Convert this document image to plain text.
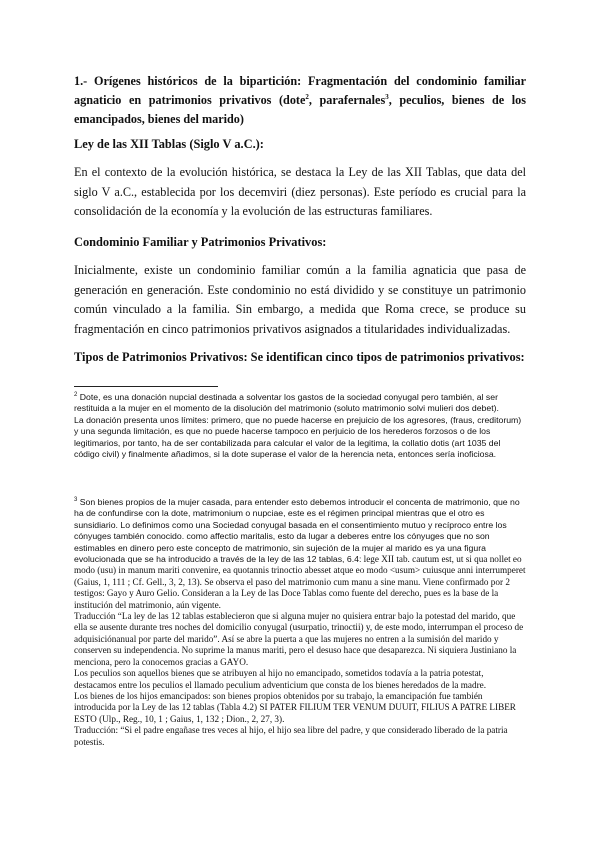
1.- Orígenes históricos de la bipartición: Fragmentación del condominio familiar agnaticio en patrimonios privativos (dote$^2$, parafernales$^3$, peculios, bienes de los emancipados, bienes del marido)
Ley de las XII Tablas (Siglo V a.C.):
En el contexto de la evolución histórica, se destaca la Ley de las XII Tablas, que data del siglo V a.C., establecida por los decemviri (diez personas). Este período es crucial para la consolidación de la economía y la evolución de las estructuras familiares.
Condominio Familiar y Patrimonios Privativos:
Inicialmente, existe un condominio familiar común a la familia agnaticia que pasa de generación en generación. Este condominio no está dividido y se constituye un patrimonio común vinculado a la familia. Sin embargo, a medida que Roma crece, se produce su fragmentación en cinco patrimonios privativos asignados a titularidades individualizadas.
Tipos de Patrimonios Privativos: Se identifican cinco tipos de patrimonios privativos:

$^2$ Dote, es una donación nupcial destinada a solventar los gastos de la sociedad conyugal pero también, al ser restituida a la mujer en el momento de la disolución del matrimonio (soluto matrimonio solvi mulieri dos debet).

La donación presenta unos límites: primero, que no puede hacerse en prejuicio de los agresores, (fraus, creditorum) y una segunda limitación, es que no puede hacerse tampoco en perjuicio de los herederos forzosos o de los legitimarios, por tanto, ha de ser contabilizada para calcular el valor de la legitima, la collatio dotis (art 1035 del código civil) y finalmente añadimos, si la dote superase el valor de la herencia neta, entonces sería inoficiosa.

$^3$ Son bienes propios de la mujer casada, para entender esto debemos introducir el concenta de matrimonio, que no ha de confundirse con la dote, matrimonium o nupciae, este es el régimen principal mientras que el otro es sunsidiario. Lo definimos como una Sociedad conyugal basada en el consentimiento mutuo y recíproco entre los cónyuges también conocido. como affectio maritalis, esto da lugar a deberes entre los cónyuges que no son estimables en dinero pero este concepto de matrimonio, sin sujeción de la mujer al marido es ya una figura evolucionada que se ha introducido a través de la ley de las 12 tablas, 6.4: lege XII tab. cautum est, ut si qua nollet eo modo (usu) in manum mariti convenire, ea quotannis trinoctio abesset atque eo modo <usum> cuiusque anni interrumperet (Gaius, 1, 111 ; Cf. Gell., 3, 2, 13). Se observa el paso del matrimonio cum manu a sine manu. Viene confirmado por 2 testigos: Gayo y Auro Gelio. Consideran a la Ley de las Doce Tablas como fuente del derecho, pues es la base de la institución del matrimonio, aún vigente.

Traducción “La ley de las 12 tablas establecieron que si alguna mujer no quisiera entrar bajo la potestad del marido, que ella se ausente durante tres noches del domicilio conyugal (usurpatio, trinoctii) y, de este modo, interrumpan el proceso de adquisiciónanual por parte del marido”. Así se abre la puerta a que las mujeres no entren a la sumisión del marido y conserven su independencia. No suprime la manus mariti, pero el desuso hace que desaparezca. Ni siquiera Justiniano la menciona, pero la conocemos gracias a GAYO.

Los peculios son aquellos bienes que se atribuyen al hijo no emancipado, sometidos todavía a la patria potestat, destacamos entre los peculios el llamado peculium adventicium que consta de los bienes heredados de la madre.

Los bienes de los hijos emancipados: son bienes propios obtenidos por su trabajo, la emancipación fue también introducida por la Ley de las 12 tablas (Tabla 4.2) SI PATER FILIUM TER VENUM DUUIT, FILIUS A PATRE LIBER ESTO (Ulp., Reg., 10, 1 ; Gaius, 1, 132 ; Dion., 2, 27, 3).

Traducción: “Si el padre engañase tres veces al hijo, el hijo sea libre del padre, y que considerado liberado de la patria potestis.
